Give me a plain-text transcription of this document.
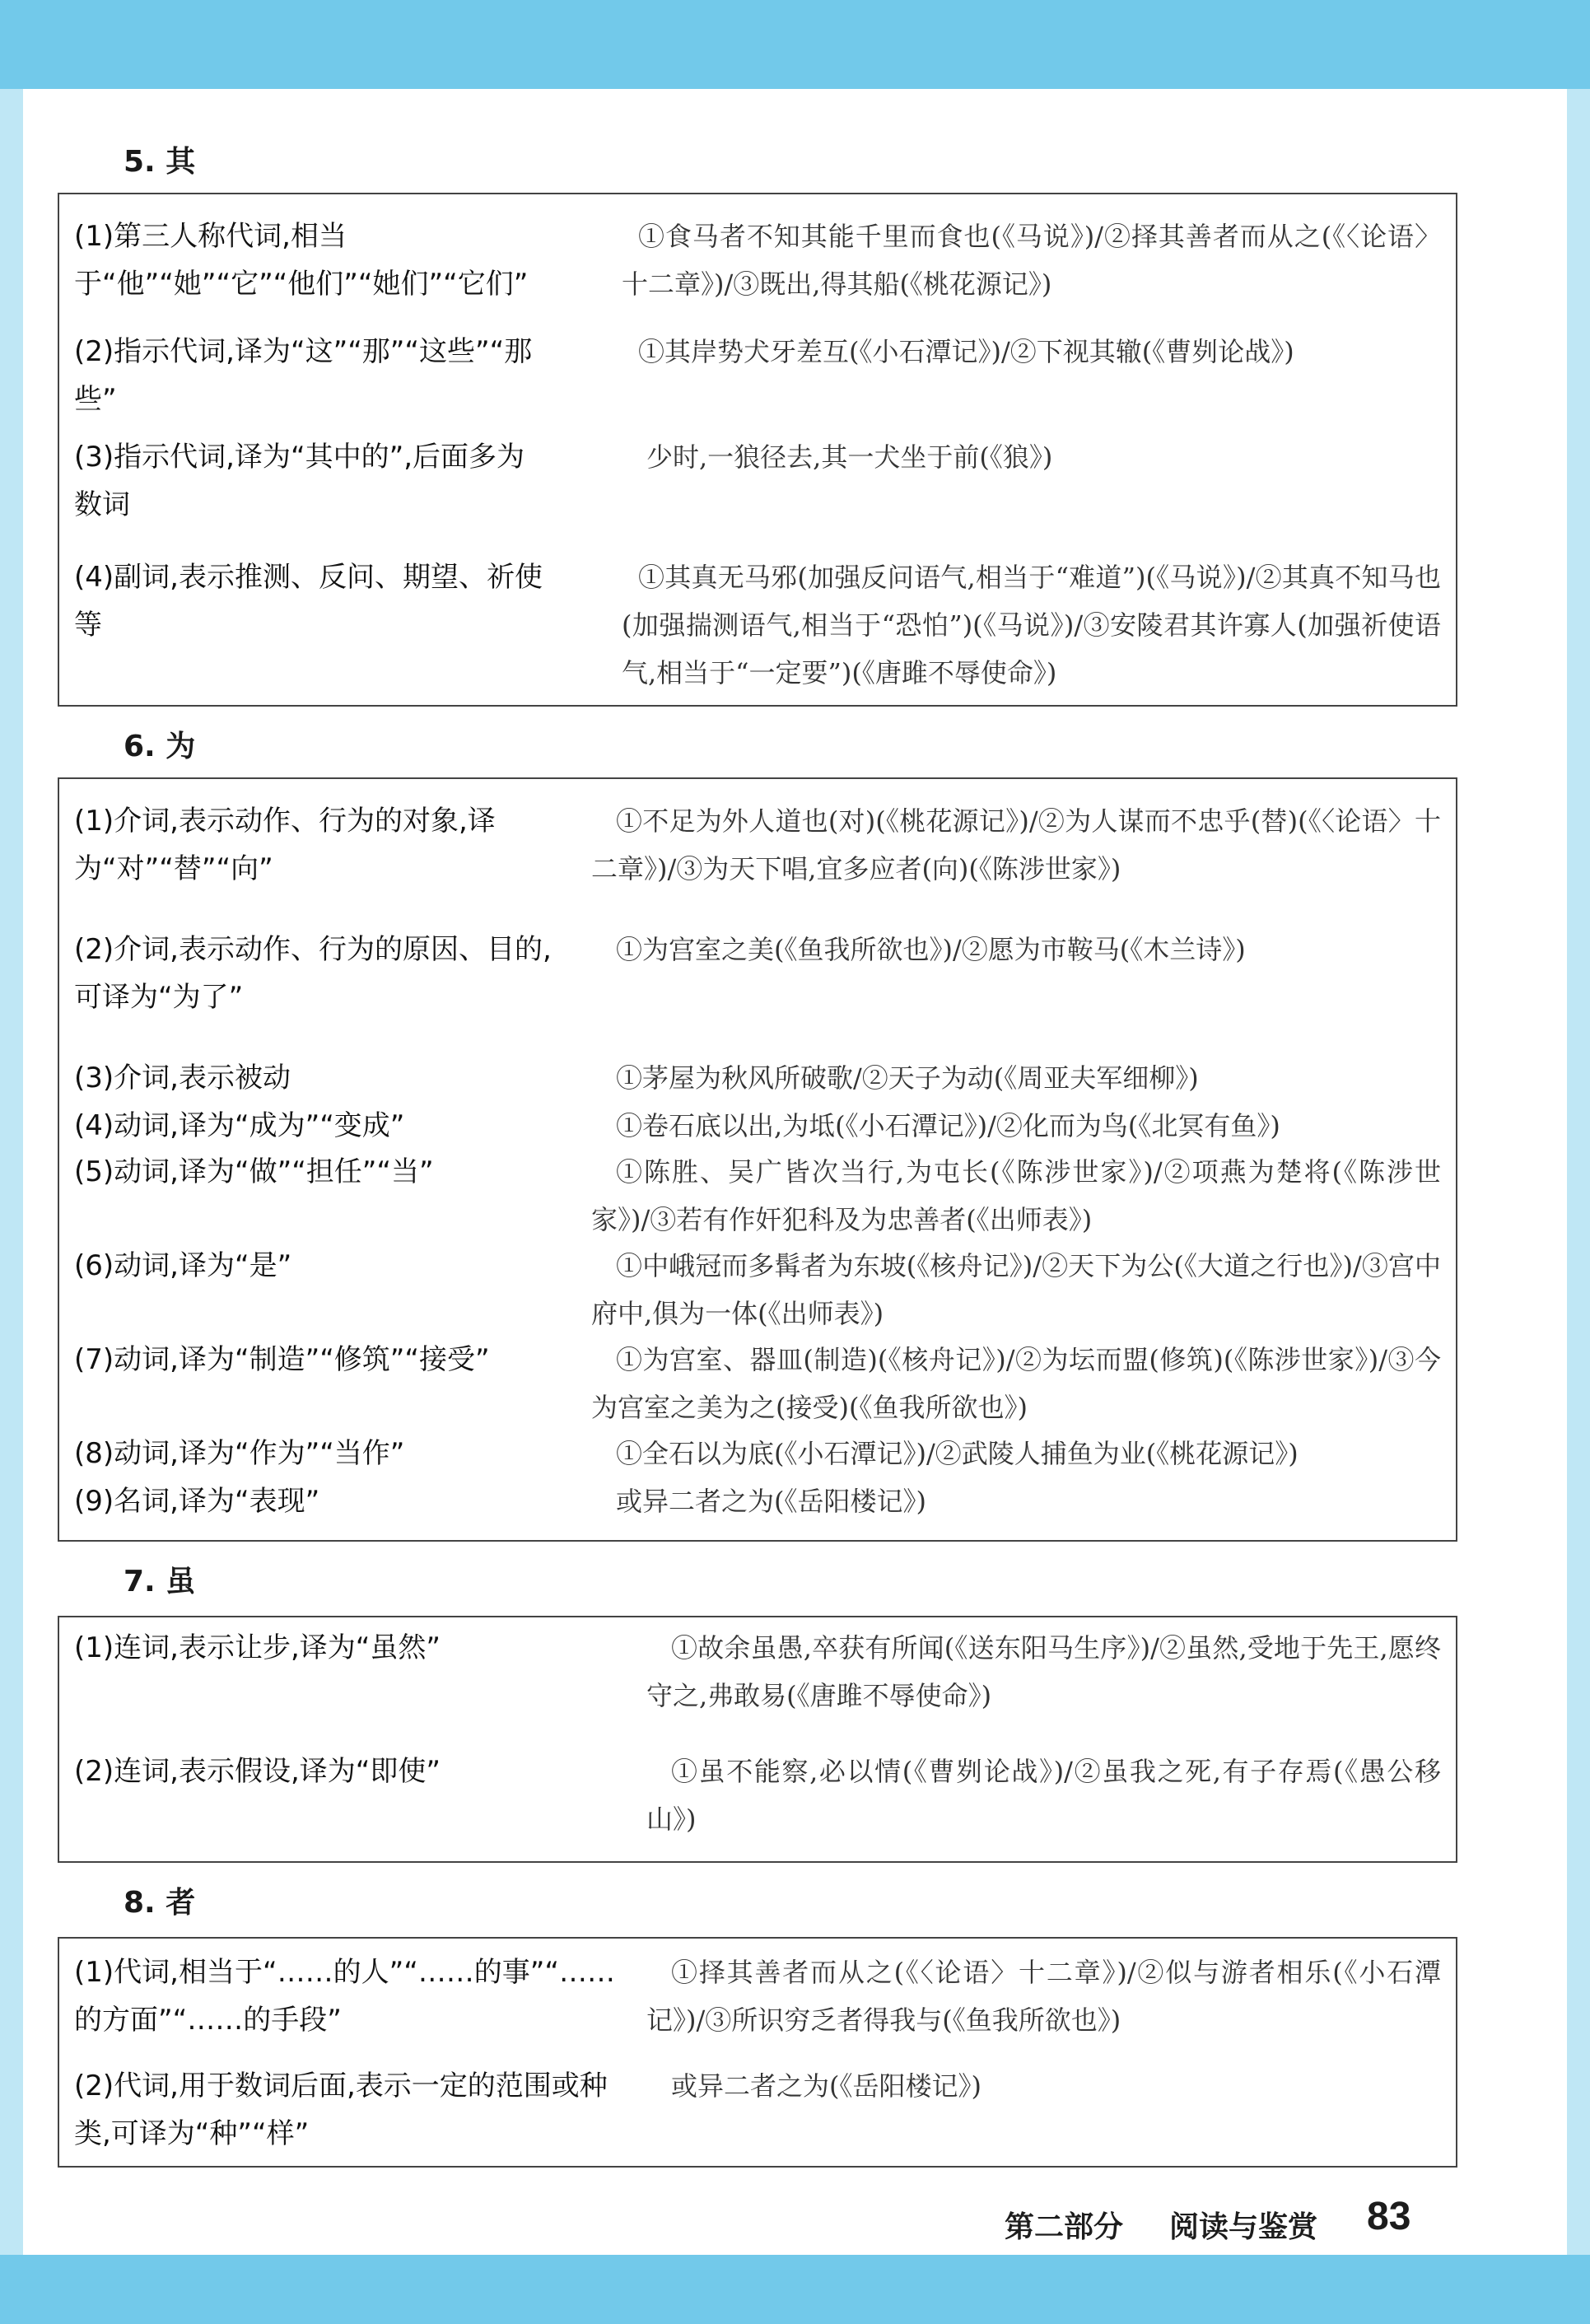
5. 其
(1)第三人称代词,相当于“他”“她”“它”“他们”“她们”“它们”
①食马者不知其能千里而食也(《马说》)/②择其善者而从之(《〈论语〉十二章》)/③既出,得其船(《桃花源记》)
(2)指示代词,译为“这”“那”“这些”“那些”
①其岸势犬牙差互(《小石潭记》)/②下视其辙(《曹刿论战》)
(3)指示代词,译为“其中的”,后面多为数词
少时,一狼径去,其一犬坐于前(《狼》)
(4)副词,表示推测、反问、期望、祈使等
①其真无马邪(加强反问语气,相当于“难道”)(《马说》)/②其真不知马也(加强揣测语气,相当于“恐怕”)(《马说》)/③安陵君其许寡人(加强祈使语气,相当于“一定要”)(《唐雎不辱使命》)
6. 为
(1)介词,表示动作、行为的对象,译为“对”“替”“向”
①不足为外人道也(对)(《桃花源记》)/②为人谋而不忠乎(替)(《〈论语〉十二章》)/③为天下唱,宜多应者(向)(《陈涉世家》)
(2)介词,表示动作、行为的原因、目的,可译为“为了”
①为宫室之美(《鱼我所欲也》)/②愿为市鞍马(《木兰诗》)
(3)介词,表示被动	①茅屋为秋风所破歌/②天子为动(《周亚夫军细柳》)
(4)动词,译为“成为”“变成”	①卷石底以出,为坻(《小石潭记》)/②化而为鸟(《北冥有鱼》)
(5)动词,译为“做”“担任”“当”	①陈胜、吴广皆次当行,为屯长(《陈涉世家》)/②项燕为楚将(《陈涉世家》)/③若有作奸犯科及为忠善者(《出师表》)
(6)动词,译为“是”	①中峨冠而多髯者为东坡(《核舟记》)/②天下为公(《大道之行也》)/③宫中府中,俱为一体(《出师表》)
(7)动词,译为“制造”“修筑”“接受”	①为宫室、器皿(制造)(《核舟记》)/②为坛而盟(修筑)(《陈涉世家》)/③今为宫室之美为之(接受)(《鱼我所欲也》)
(8)动词,译为“作为”“当作”	①全石以为底(《小石潭记》)/②武陵人捕鱼为业(《桃花源记》)
(9)名词,译为“表现”	或异二者之为(《岳阳楼记》)
7. 虽
(1)连词,表示让步,译为“虽然”	①故余虽愚,卒获有所闻(《送东阳马生序》)/②虽然,受地于先王,愿终守之,弗敢易(《唐雎不辱使命》)
(2)连词,表示假设,译为“即使”	①虽不能察,必以情(《曹刿论战》)/②虽我之死,有子存焉(《愚公移山》)
8. 者
(1)代词,相当于“……的人”“……的事”“……的方面”“……的手段”
①择其善者而从之(《〈论语〉十二章》)/②似与游者相乐(《小石潭记》)/③所识穷乏者得我与(《鱼我所欲也》)
(2)代词,用于数词后面,表示一定的范围或种类,可译为“种”“样”
或异二者之为(《岳阳楼记》)
第二部分 阅读与鉴赏 83
